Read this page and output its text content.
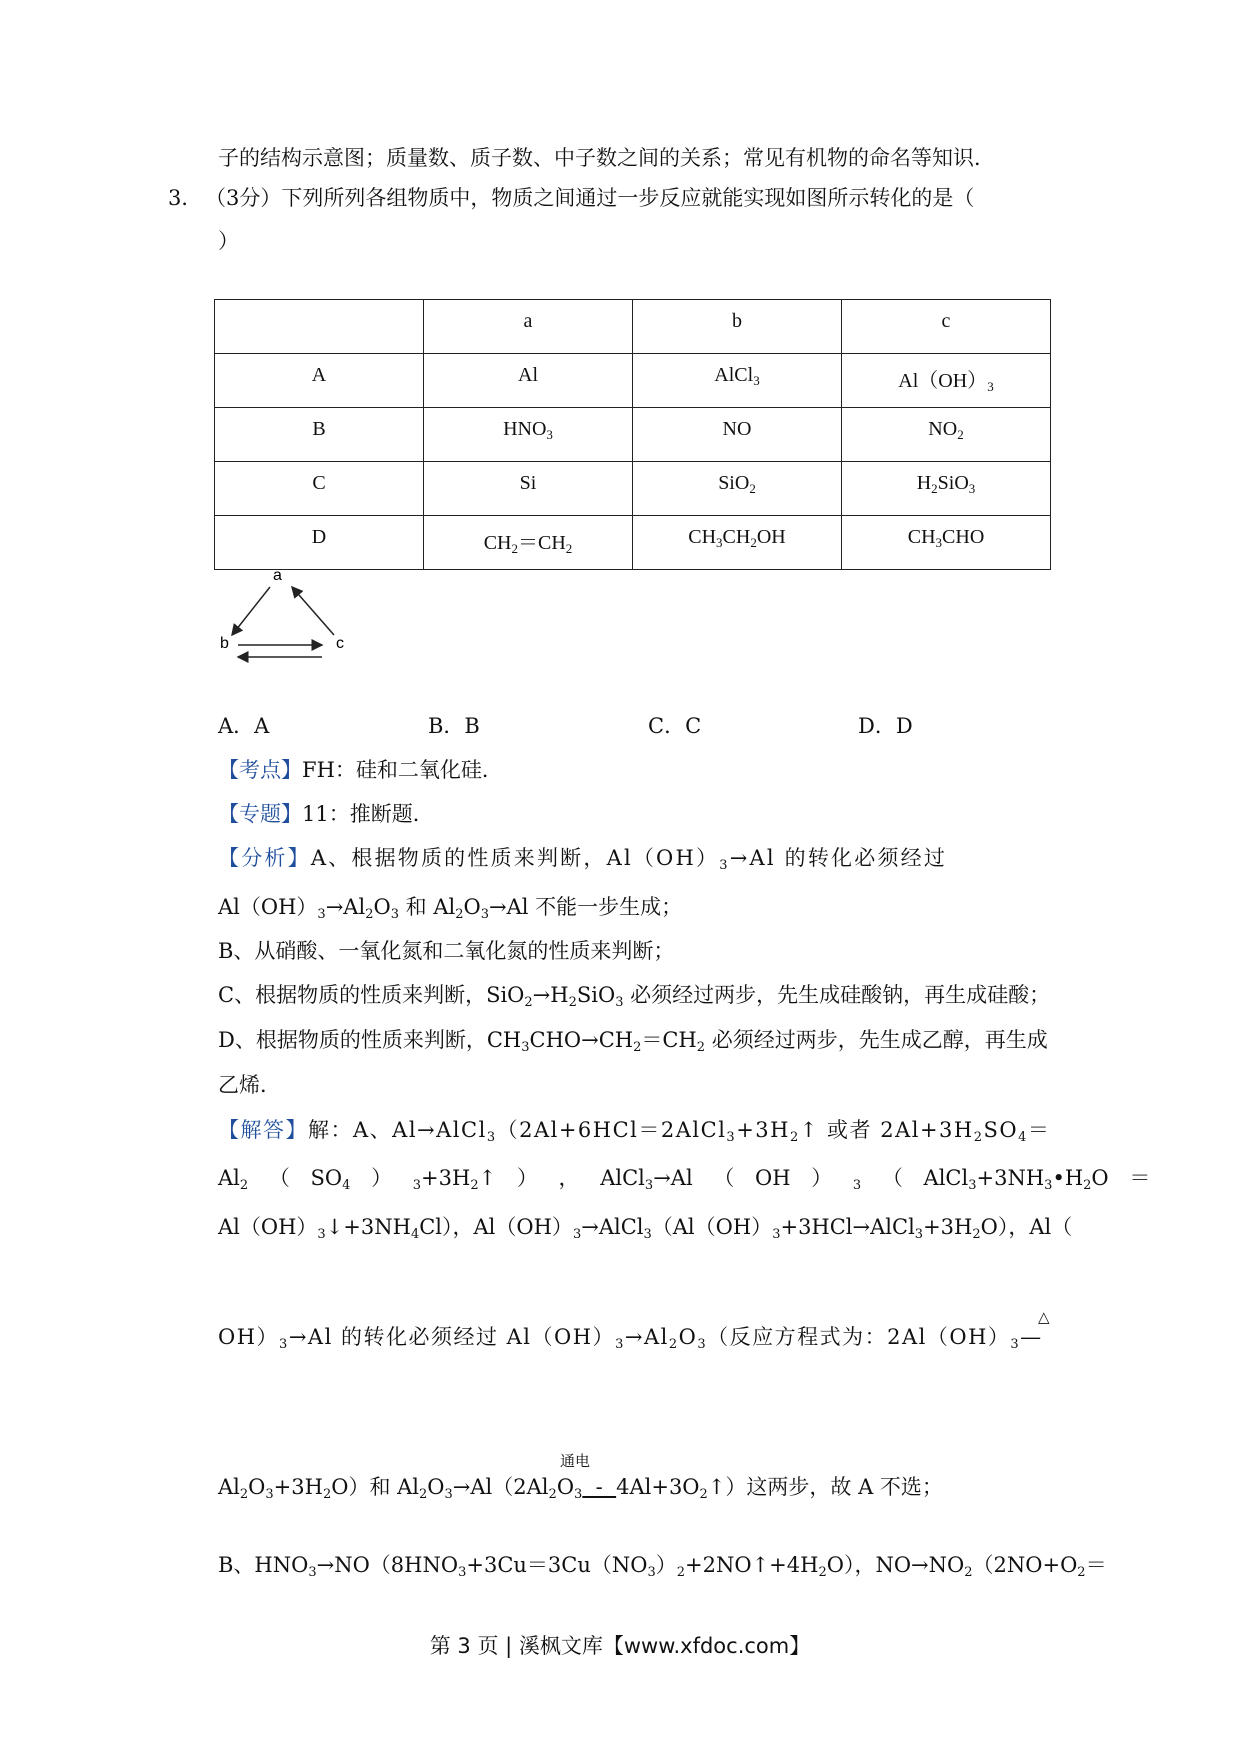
子的结构示意图；质量数、质子数、中子数之间的关系；常见有机物的命名等知识．
3． （3分）下列所列各组物质中，物质之间通过一步反应就能实现如图所示转化的是（
）
	a	b	c
A	Al	AlCl$_3$	$Al(OH)_3$
B	$HNO_3$	NO	$NO_2$
C	Si	SiO$_2$	$H_2SiO_3$
D	$CH_2=CH_2$	$CH_3CH_2OH$	$CH_3CHO$
a
b	c
A．A	B．B	C．C	D．D
【考点】FH：硅和二氧化硅．
【专题】11：推断题．
【分析】A、根据物质的性质来判断，$Al(OH)_3\to Al$ 的转化必须经过
$Al(OH)_3\to Al_2O_3$ 和 $Al_2O_3\to Al$ 不能一步生成；
B、从硝酸、一氧化氮和二氧化氮的性质来判断；
C、根据物质的性质来判断，$SiO_2\to H_2SiO_3$ 必须经过两步，先生成硅酸钠，再生成硅酸；
D、根据物质的性质来判断，$CH_3CHO\to CH_2=CH_2$ 必须经过两步，先生成乙醇，再生成
乙烯．
【解答】解：A、$Al\to AlCl_3(2Al+6HCl=2AlCl_3+3H_2↑$ 或者 $2Al+3H_2SO_4=$
$Al_2$ （ $SO_4$ ） $_3+3H_2↑$ ） ， AlCl$_3$→Al （ OH ） $_3$ （ $AlCl_3+3NH_3•H_2O$ ＝
$Al(OH)_3↓+3NH_4Cl$），$Al(OH)_3\to AlCl_3(Al(OH)_3+3HCl\to AlCl_3+3H_2O)$，Al（
$OH)_3\to Al$ 的转化必须经过 $Al(OH)_3\to Al_2O_3$（反应方程式为：$2Al(OH)_3—$
△
通电
$Al_2O_3+3H_2O$）和 $Al_2O_3\to Al(2Al_2O_3$  -  $4Al+3O_2↑$）这两步，故 A 不选；
B、$HNO_3\to NO(8HNO_3+3Cu=3Cu(NO_3)_2+2NO↑+4H_2O)$，$NO\to NO_2(2NO+O_2=$
第 3 页 | 溪枫文库【www.xfdoc.com】
